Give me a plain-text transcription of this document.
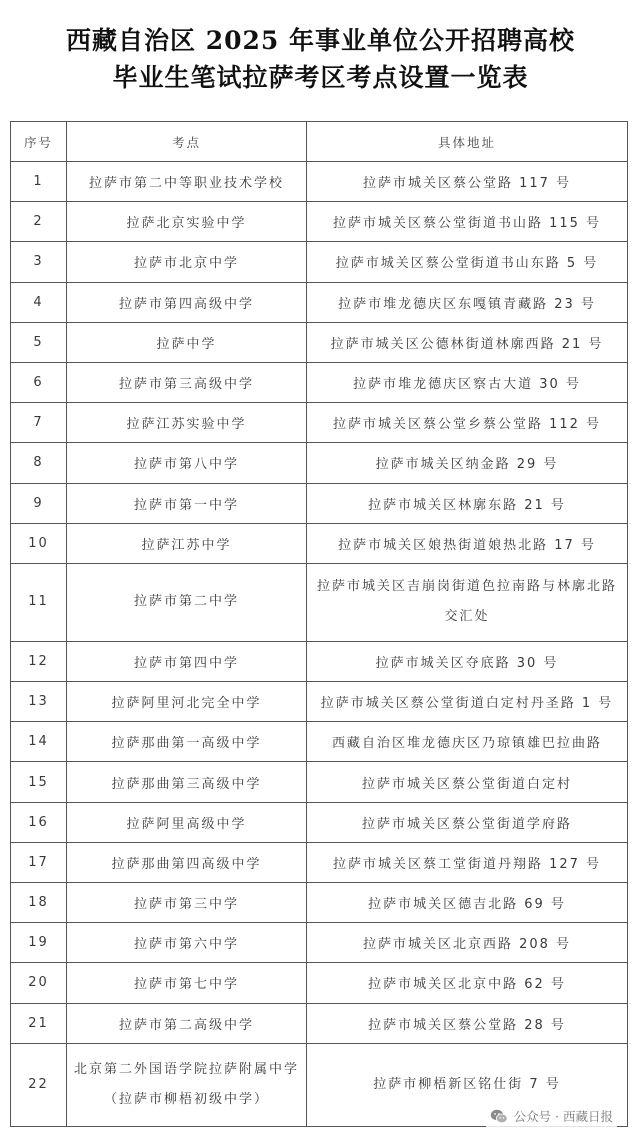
西藏自治区 2025 年事业单位公开招聘高校
毕业生笔试拉萨考区考点设置一览表
序号	考点	具体地址
1	拉萨市第二中等职业技术学校	拉萨市城关区蔡公堂路 117 号
2	拉萨北京实验中学	拉萨市城关区蔡公堂街道书山路 115 号
3	拉萨市北京中学	拉萨市城关区蔡公堂街道书山东路 5 号
4	拉萨市第四高级中学	拉萨市堆龙德庆区东嘎镇青藏路 23 号
5	拉萨中学	拉萨市城关区公德林街道林廓西路 21 号
6	拉萨市第三高级中学	拉萨市堆龙德庆区察古大道 30 号
7	拉萨江苏实验中学	拉萨市城关区蔡公堂乡蔡公堂路 112 号
8	拉萨市第八中学	拉萨市城关区纳金路 29 号
9	拉萨市第一中学	拉萨市城关区林廓东路 21 号
10	拉萨江苏中学	拉萨市城关区娘热街道娘热北路 17 号
11	拉萨市第二中学	拉萨市城关区吉崩岗街道色拉南路与林廓北路交汇处
12	拉萨市第四中学	拉萨市城关区夺底路 30 号
13	拉萨阿里河北完全中学	拉萨市城关区蔡公堂街道白定村丹圣路 1 号
14	拉萨那曲第一高级中学	西藏自治区堆龙德庆区乃琼镇雄巴拉曲路
15	拉萨那曲第三高级中学	拉萨市城关区蔡公堂街道白定村
16	拉萨阿里高级中学	拉萨市城关区蔡公堂街道学府路
17	拉萨那曲第四高级中学	拉萨市城关区蔡工堂街道丹翔路 127 号
18	拉萨市第三中学	拉萨市城关区德吉北路 69 号
19	拉萨市第六中学	拉萨市城关区北京西路 208 号
20	拉萨市第七中学	拉萨市城关区北京中路 62 号
21	拉萨市第二高级中学	拉萨市城关区蔡公堂路 28 号
22	北京第二外国语学院拉萨附属中学（拉萨市柳梧初级中学）	拉萨市柳梧新区铭仕街 7 号
公众号 · 西藏日报
